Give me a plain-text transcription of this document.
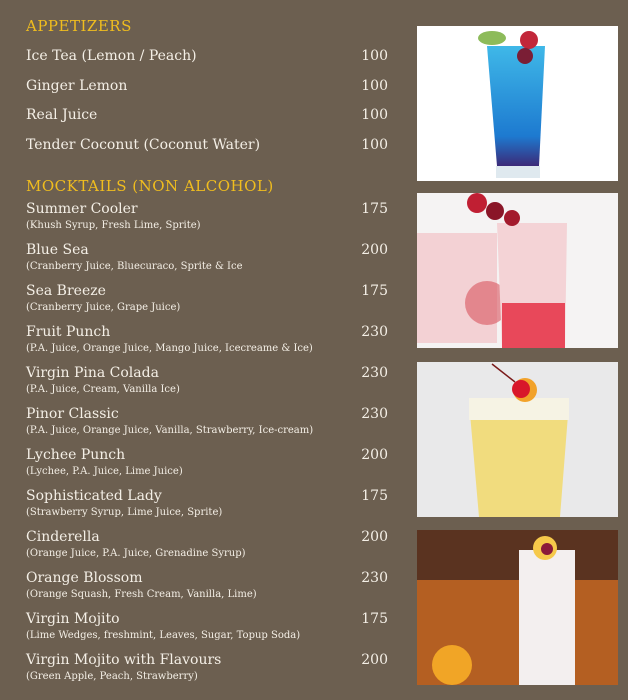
APPETIZERS
Ice Tea (Lemon / Peach)	100
Ginger Lemon	100
Real Juice	100
Tender Coconut (Coconut Water)	100
MOCKTAILS (NON ALCOHOL)
Summer Cooler	175
(Khush Syrup, Fresh Lime, Sprite)
Blue Sea	200
(Cranberry Juice, Bluecuraco, Sprite & Ice
Sea Breeze	175
(Cranberry Juice, Grape Juice)
Fruit Punch	230
(P.A. Juice, Orange Juice, Mango Juice, Icecreame & Ice)
Virgin Pina Colada	230
(P.A. Juice, Cream, Vanilla Ice)
Pinor Classic	230
(P.A. Juice, Orange Juice, Vanilla, Strawberry, Ice-cream)
Lychee Punch	200
(Lychee, P.A. Juice, Lime Juice)
Sophisticated Lady	175
(Strawberry Syrup, Lime Juice, Sprite)
Cinderella	200
(Orange Juice, P.A. Juice, Grenadine Syrup)
Orange Blossom	230
(Orange Squash, Fresh Cream, Vanilla, Lime)
Virgin Mojito	175
(Lime Wedges, freshmint, Leaves, Sugar, Topup Soda)
Virgin Mojito with Flavours	200
(Green Apple, Peach, Strawberry)
